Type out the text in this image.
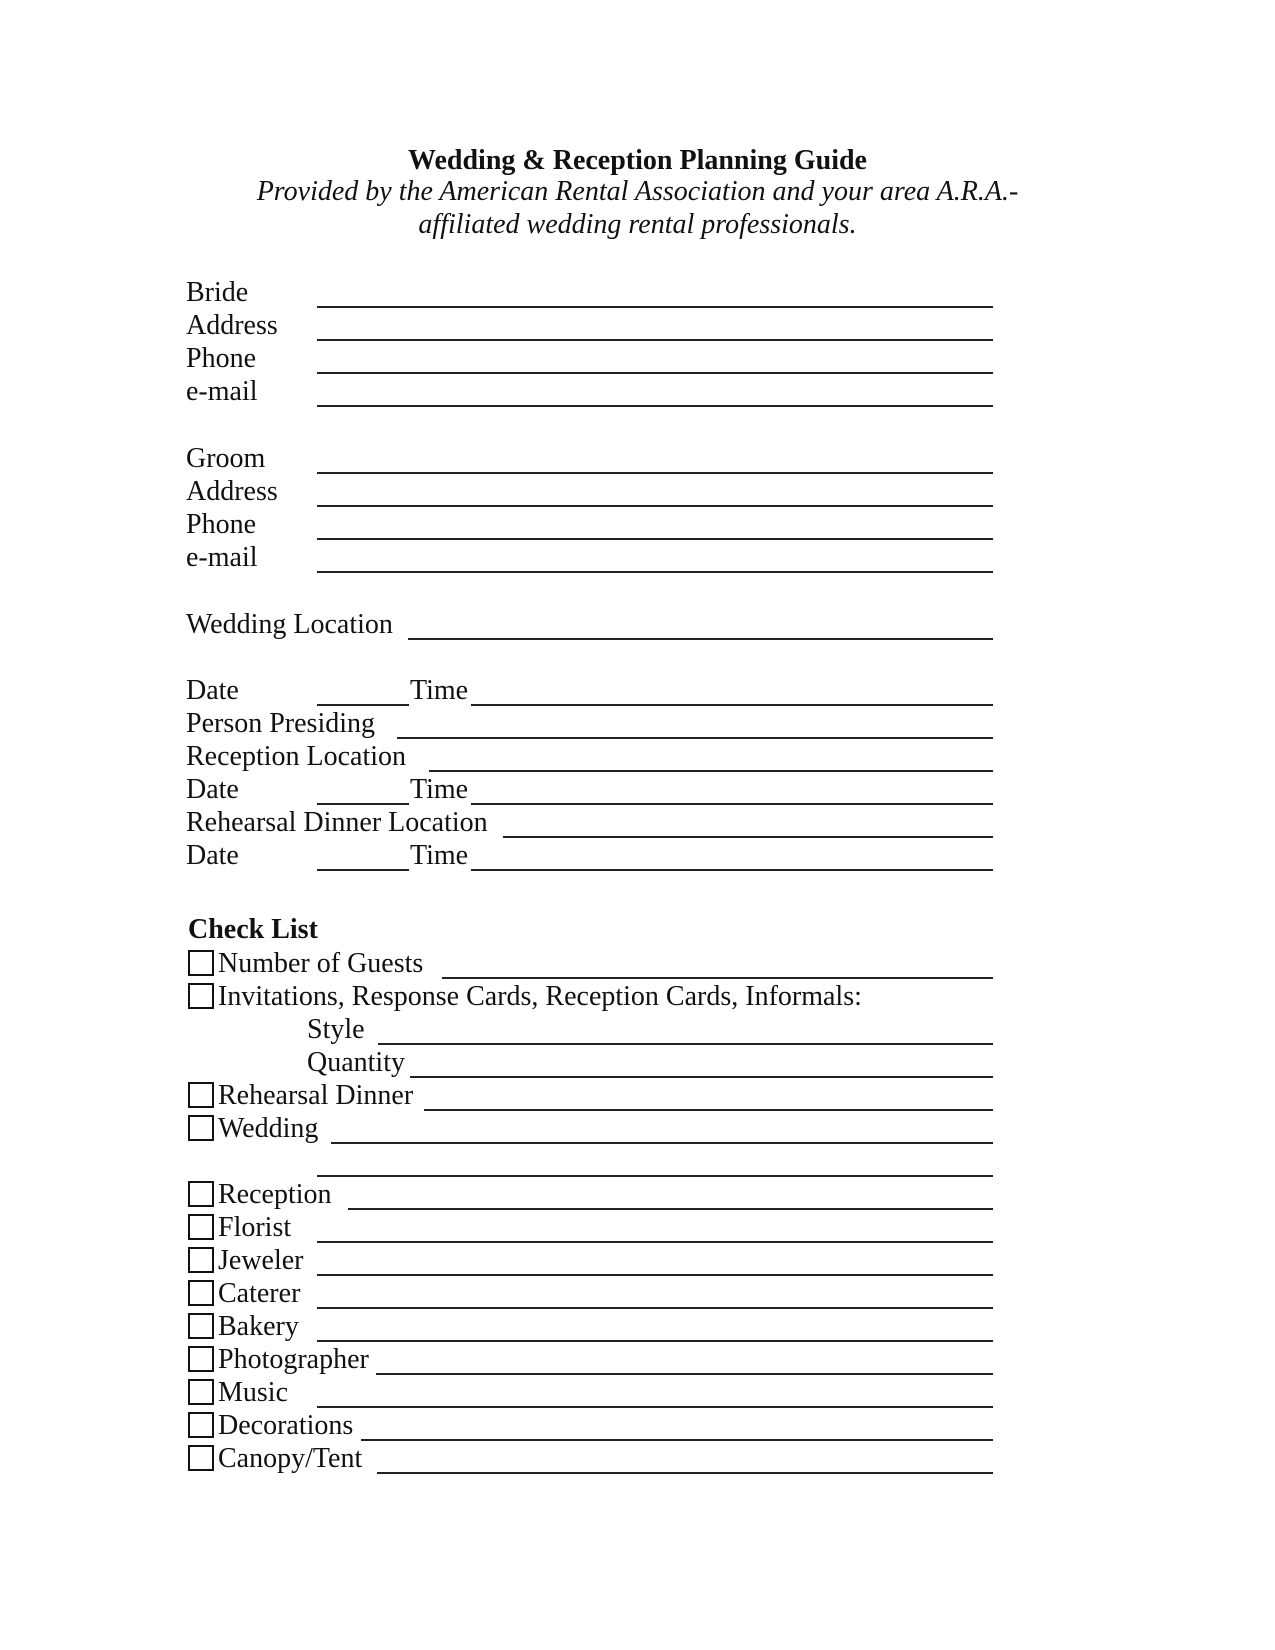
Wedding & Reception Planning Guide
Provided by the American Rental Association and your area A.R.A.-
affiliated wedding rental professionals.
Bride
Address
Phone
e-mail
Groom
Address
Phone
e-mail
Wedding Location
Date	Time
Person Presiding
Reception Location
Date	Time
Rehearsal Dinner Location
Date	Time
Check List
Number of Guests
Invitations, Response Cards, Reception Cards, Informals:
Style
Quantity
Rehearsal Dinner
Wedding
Reception
Florist
Jeweler
Caterer
Bakery
Photographer
Music
Decorations
Canopy/Tent
